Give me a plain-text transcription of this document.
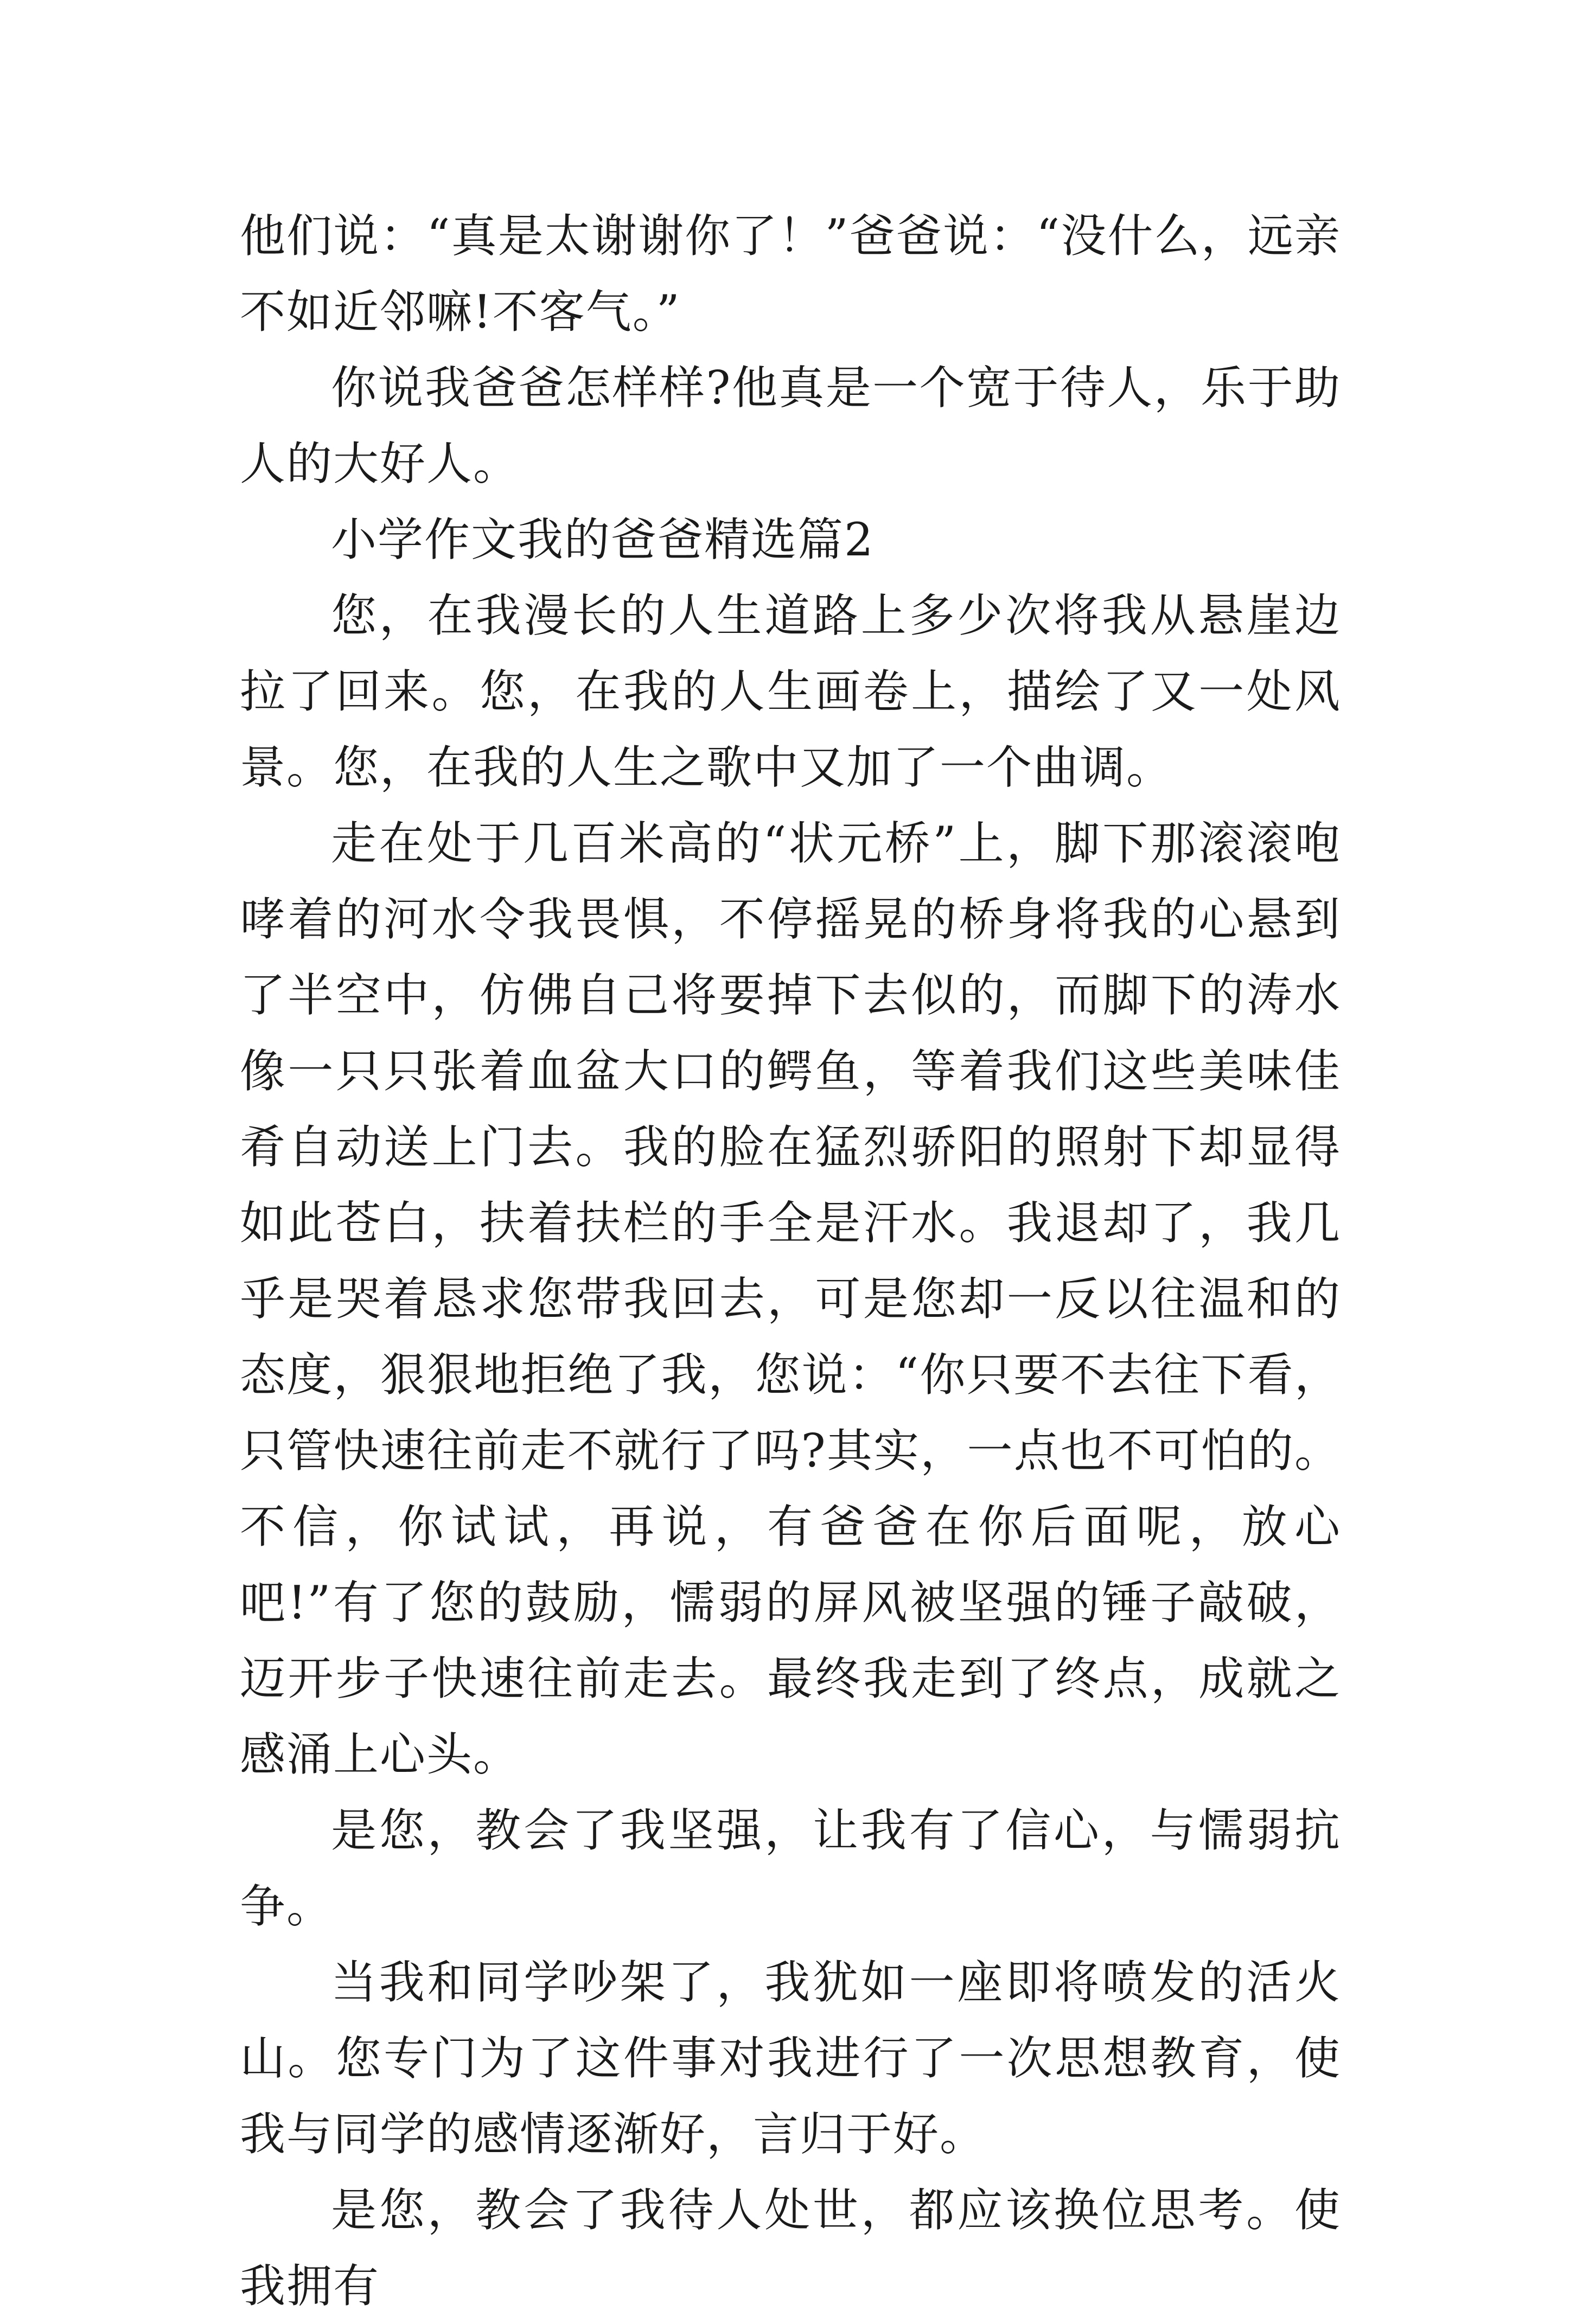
他们说：“真是太谢谢你了！”爸爸说：“没什么，远亲不如近邻嘛!不客气。”

你说我爸爸怎样样?他真是一个宽于待人，乐于助人的大好人。

小学作文我的爸爸精选篇2

您，在我漫长的人生道路上多少次将我从悬崖边拉了回来。您，在我的人生画卷上，描绘了又一处风景。您，在我的人生之歌中又加了一个曲调。

走在处于几百米高的“状元桥”上，脚下那滚滚咆哮着的河水令我畏惧，不停摇晃的桥身将我的心悬到了半空中，仿佛自己将要掉下去似的，而脚下的涛水像一只只张着血盆大口的鳄鱼，等着我们这些美味佳肴自动送上门去。我的脸在猛烈骄阳的照射下却显得如此苍白，扶着扶栏的手全是汗水。我退却了，我几乎是哭着恳求您带我回去，可是您却一反以往温和的态度，狠狠地拒绝了我，您说：“你只要不去往下看，只管快速往前走不就行了吗?其实，一点也不可怕的。不信，你试试，再说，有爸爸在你后面呢，放心吧!”有了您的鼓励，懦弱的屏风被坚强的锤子敲破，迈开步子快速往前走去。最终我走到了终点，成就之感涌上心头。

是您，教会了我坚强，让我有了信心，与懦弱抗争。

当我和同学吵架了，我犹如一座即将喷发的活火山。您专门为了这件事对我进行了一次思想教育，使我与同学的感情逐渐好，言归于好。

是您，教会了我待人处世，都应该换位思考。使我拥有
